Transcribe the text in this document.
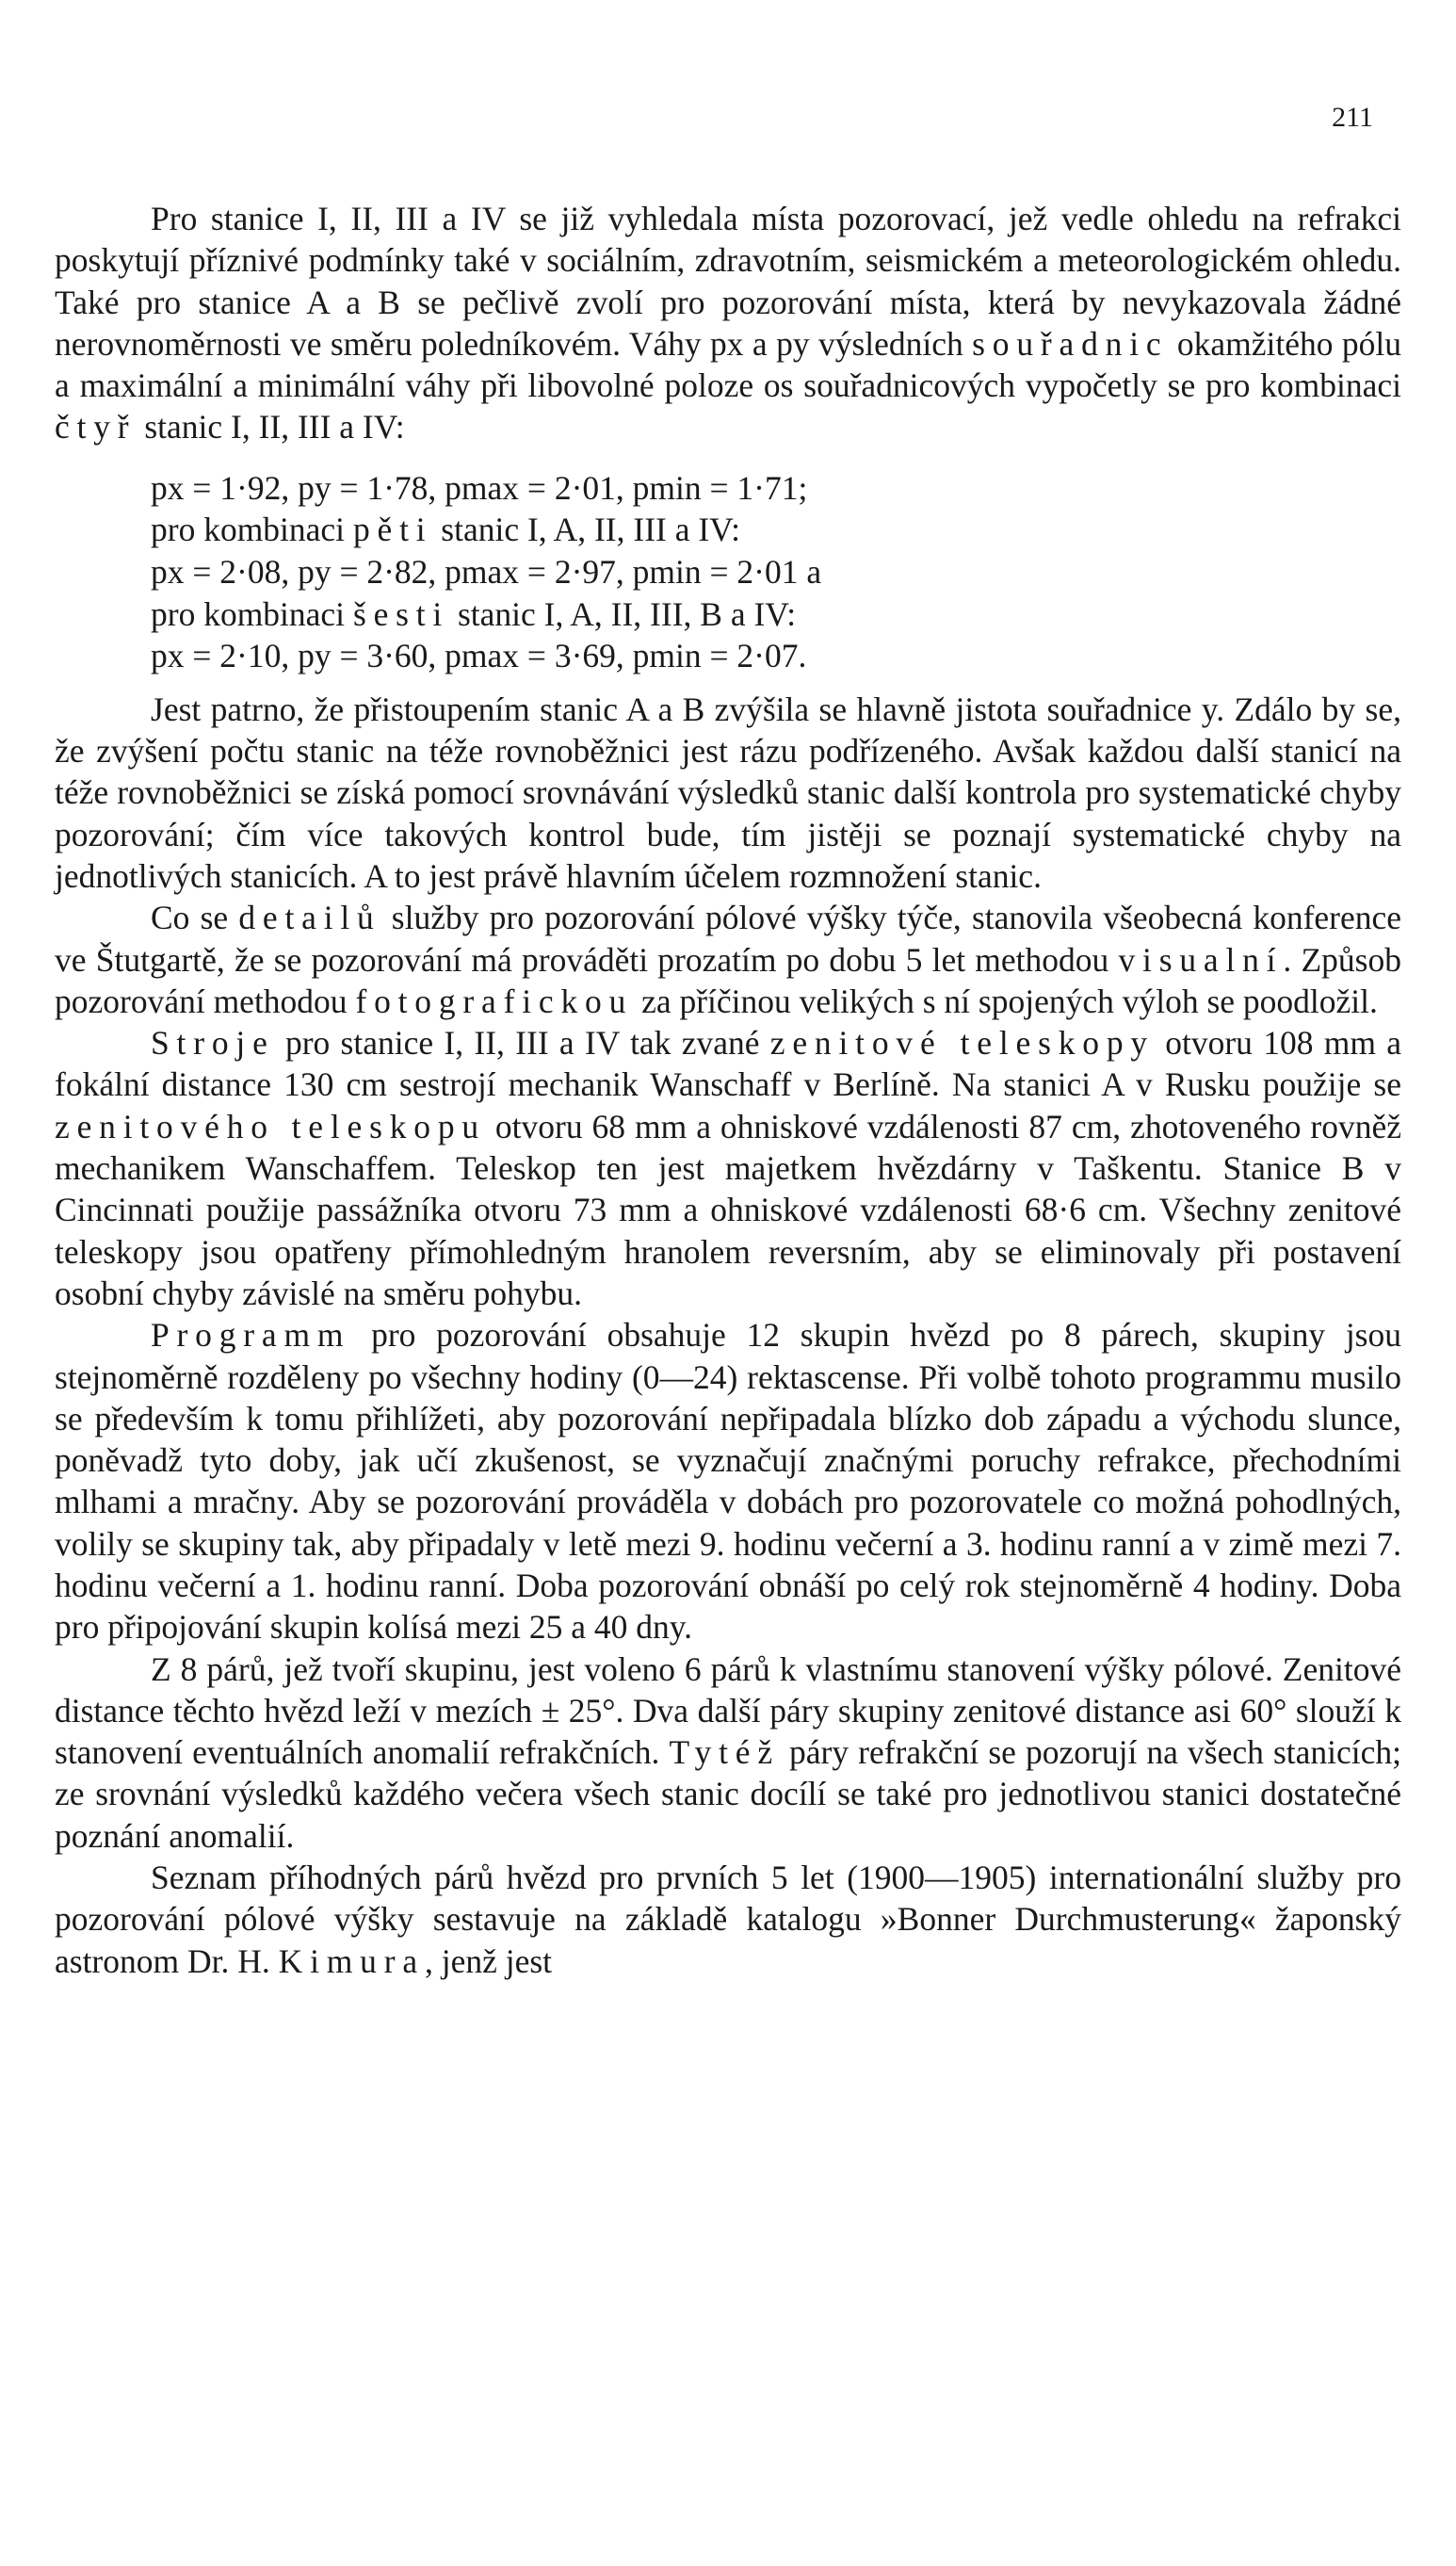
211

Pro stanice I, II, III a IV se již vyhledala místa pozorovací, jež vedle ohledu na refrakci poskytují příznivé podmínky také v sociálním, zdravotním, seismickém a meteorologickém ohledu. Také pro stanice A a B se pečlivě zvolí pro pozorování místa, která by nevykazovala žádné nerovnoměrnosti ve směru poledníkovém. Váhy px a py výsledních souřadnic okamžitého pólu a maximální a minimální váhy při libovolné poloze os souřadnicových vypočetly se pro kombinaci čtyř stanic I, II, III a IV:

px = 1·92, py = 1·78, pmax = 2·01, pmin = 1·71;

pro kombinaci pěti stanic I, A, II, III a IV:

px = 2·08, py = 2·82, pmax = 2·97, pmin = 2·01 a

pro kombinaci šesti stanic I, A, II, III, B a IV:

px = 2·10, py = 3·60, pmax = 3·69, pmin = 2·07.

Jest patrno, že přistoupením stanic A a B zvýšila se hlavně jistota souřadnice y. Zdálo by se, že zvýšení počtu stanic na téže rovnoběžnici jest rázu podřízeného. Avšak každou další stanicí na téže rovnoběžnici se získá pomocí srovnávání výsledků stanic další kontrola pro systematické chyby pozorování; čím více takových kontrol bude, tím jistěji se poznají systematické chyby na jednotlivých stanicích. A to jest právě hlavním účelem rozmnožení stanic.

Co se detailů služby pro pozorování pólové výšky týče, stanovila všeobecná konference ve Štutgartě, že se pozorování má prováděti prozatím po dobu 5 let methodou visualní. Způsob pozorování methodou fotografickou za příčinou velikých s ní spojených výloh se poodložil.

Stroje pro stanice I, II, III a IV tak zvané zenitové teleskopy otvoru 108 mm a fokální distance 130 cm sestrojí mechanik Wanschaff v Berlíně. Na stanici A v Rusku použije se zenitového teleskopu otvoru 68 mm a ohniskové vzdálenosti 87 cm, zhotoveného rovněž mechanikem Wanschaffem. Teleskop ten jest majetkem hvězdárny v Taškentu. Stanice B v Cincinnati použije passážníka otvoru 73 mm a ohniskové vzdálenosti 68·6 cm. Všechny zenitové teleskopy jsou opatřeny přímohledným hranolem reversním, aby se eliminovaly při postavení osobní chyby závislé na směru pohybu.

Programm pro pozorování obsahuje 12 skupin hvězd po 8 párech, skupiny jsou stejnoměrně rozděleny po všechny hodiny (0—24) rektascense. Při volbě tohoto programmu musilo se především k tomu přihlížeti, aby pozorování nepřipadala blízko dob západu a východu slunce, poněvadž tyto doby, jak učí zkušenost, se vyznačují značnými poruchy refrakce, přechodními mlhami a mračny. Aby se pozorování prováděla v dobách pro pozorovatele co možná pohodlných, volily se skupiny tak, aby připadaly v letě mezi 9. hodinu večerní a 3. hodinu ranní a v zimě mezi 7. hodinu večerní a 1. hodinu ranní. Doba pozorování obnáší po celý rok stejnoměrně 4 hodiny. Doba pro připojování skupin kolísá mezi 25 a 40 dny.

Z 8 párů, jež tvoří skupinu, jest voleno 6 párů k vlastnímu stanovení výšky pólové. Zenitové distance těchto hvězd leží v mezích ± 25°. Dva další páry skupiny zenitové distance asi 60° slouží k stanovení eventuálních anomalií refrakčních. Tytéž páry refrakční se pozorují na všech stanicích; ze srovnání výsledků každého večera všech stanic docílí se také pro jednotlivou stanici dostatečné poznání anomalií.

Seznam příhodných párů hvězd pro prvních 5 let (1900—1905) internationální služby pro pozorování pólové výšky sestavuje na základě katalogu »Bonner Durchmusterung« žaponský astronom Dr. H. Kimura, jenž jest
